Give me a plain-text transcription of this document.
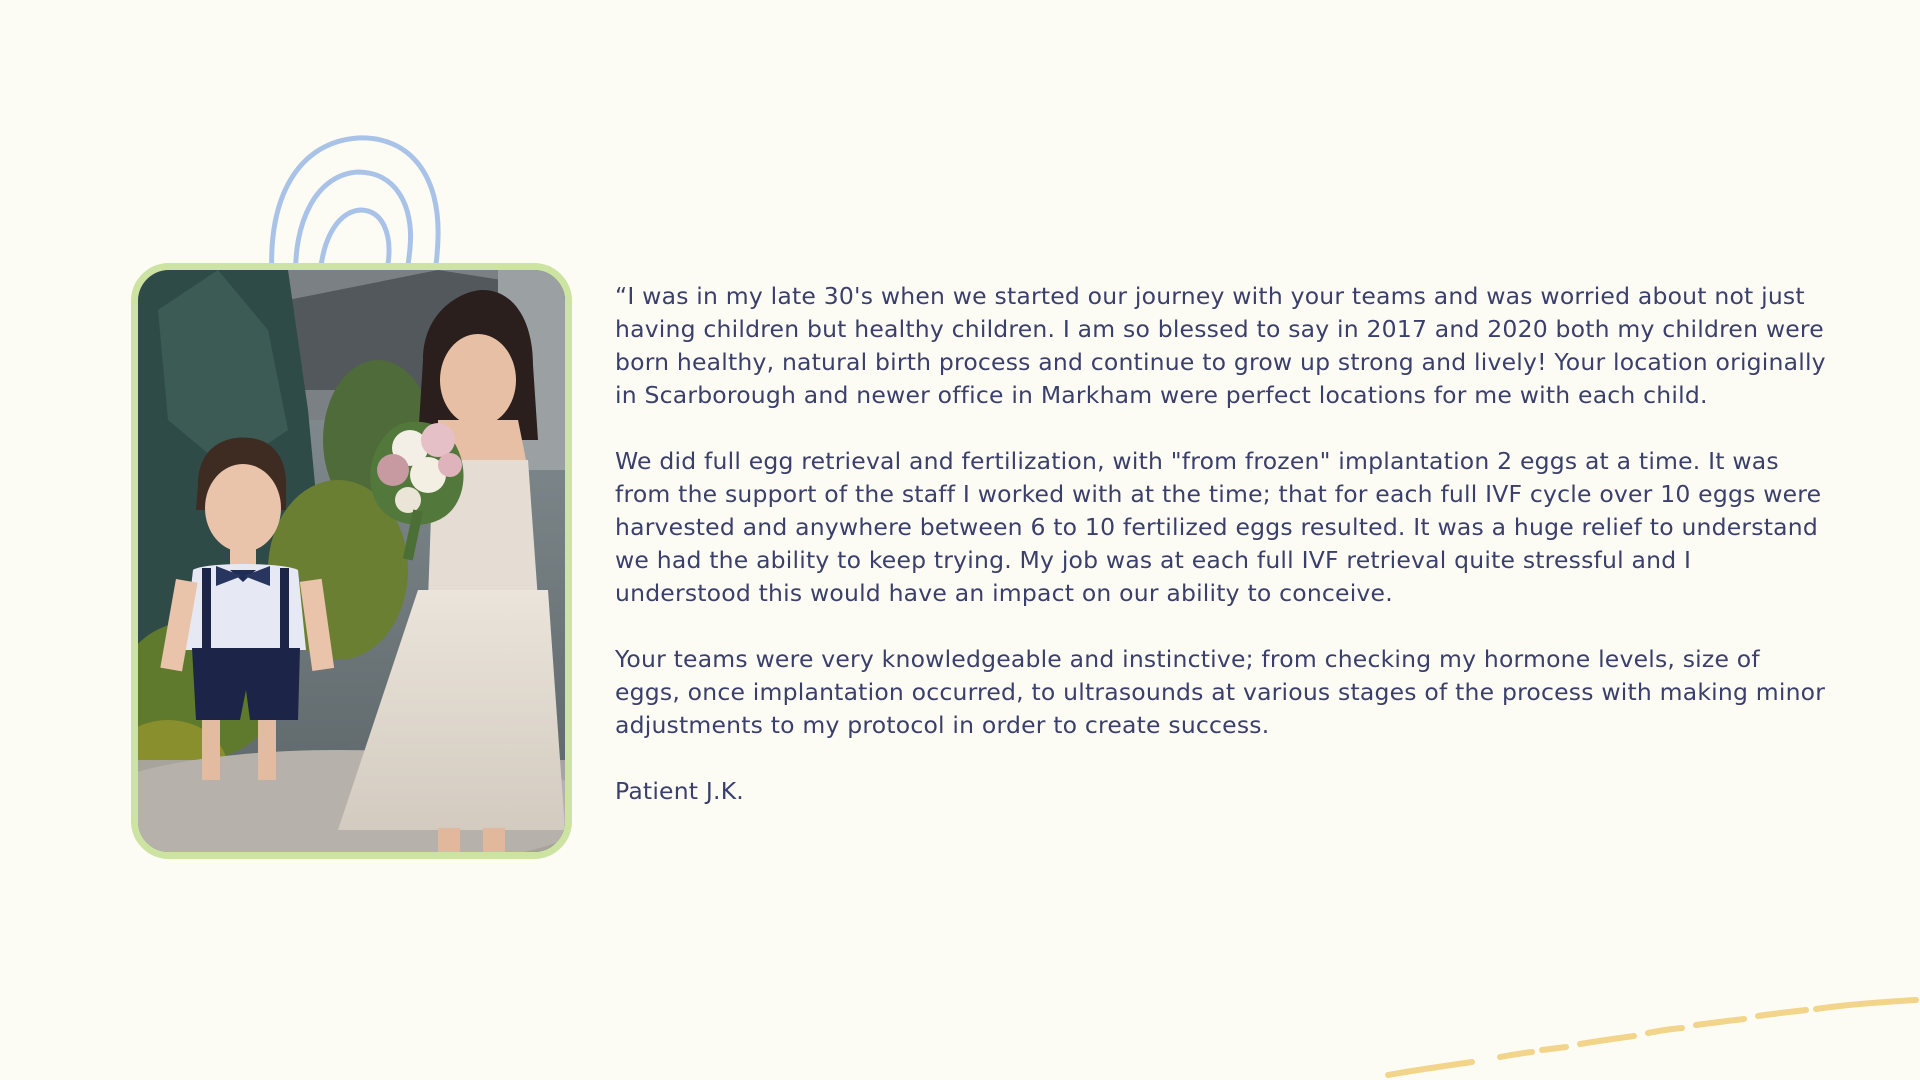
“I was in my late 30's when we started our journey with your teams and was worried about not just having children but healthy children. I am so blessed to say in 2017 and 2020 both my children were born healthy, natural birth process and continue to grow up strong and lively! Your location originally in Scarborough and newer office in Markham were perfect locations for me with each child.

We did full egg retrieval and fertilization, with "from frozen" implantation 2 eggs at a time. It was from the support of the staff I worked with at the time; that for each full IVF cycle over 10 eggs were harvested and anywhere between 6 to 10 fertilized eggs resulted. It was a huge relief to understand we had the ability to keep trying. My job was at each full IVF retrieval quite stressful and I understood this would have an impact on our ability to conceive.

Your teams were very knowledgeable and instinctive; from checking my hormone levels, size of eggs, once implantation occurred, to ultrasounds at various stages of the process with making minor adjustments to my protocol in order to create success.

Patient J.K.
